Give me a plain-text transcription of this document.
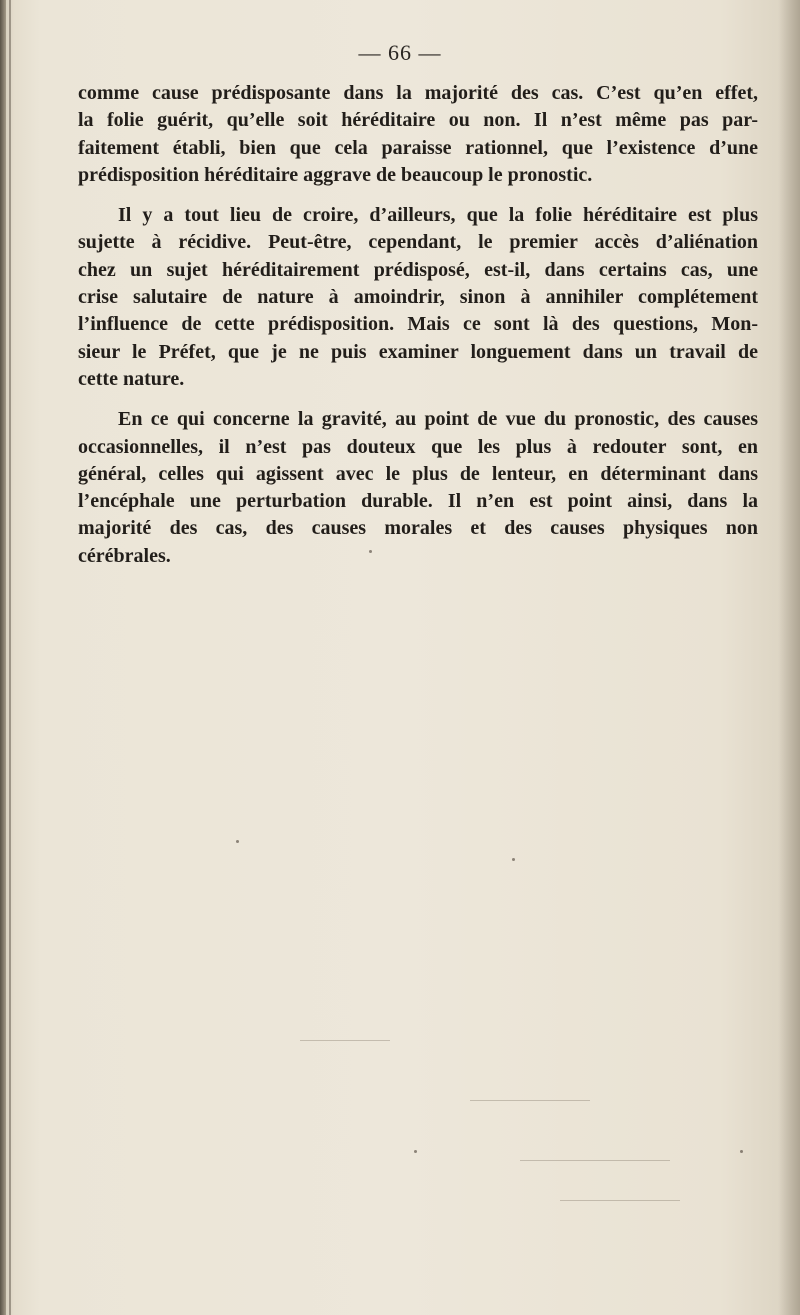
— 66 —
comme cause prédisposante dans la majorité des cas. C’est qu’en effet,
la folie guérit, qu’elle soit héréditaire ou non. Il n’est même pas par-
faitement établi, bien que cela paraisse rationnel, que l’existence d’une
prédisposition héréditaire aggrave de beaucoup le pronostic.
Il y a tout lieu de croire, d’ailleurs, que la folie héréditaire est plus
sujette à récidive. Peut-être, cependant, le premier accès d’aliénation
chez un sujet héréditairement prédisposé, est-il, dans certains cas, une
crise salutaire de nature à amoindrir, sinon à annihiler complétement
l’influence de cette prédisposition. Mais ce sont là des questions, Mon-
sieur le Préfet, que je ne puis examiner longuement dans un travail de
cette nature.
En ce qui concerne la gravité, au point de vue du pronostic, des causes
occasionnelles, il n’est pas douteux que les plus à redouter sont, en
général, celles qui agissent avec le plus de lenteur, en déterminant dans
l’encéphale une perturbation durable. Il n’en est point ainsi, dans la
majorité des cas, des causes morales et des causes physiques non
cérébrales.
